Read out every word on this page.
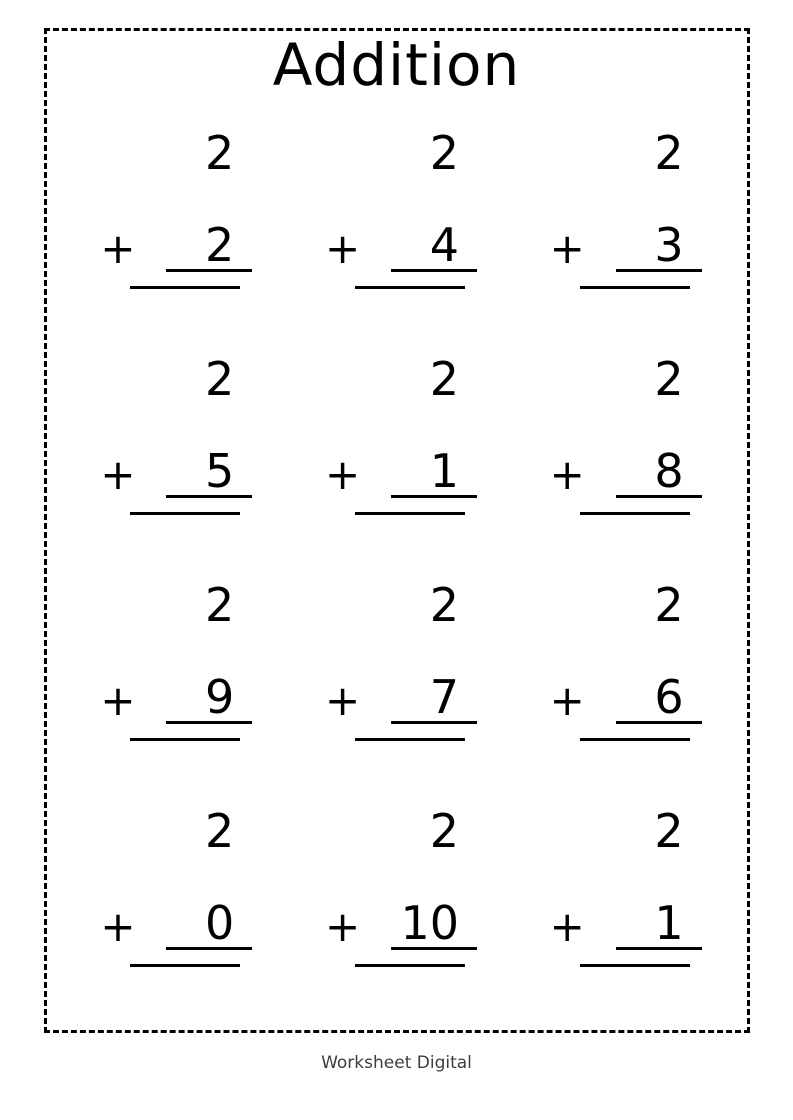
Addition
2
+	2
2
+	4
2
+	3
2
+	5
2
+	1
2
+	8
2
+	9
2
+	7
2
+	6
2
+	0
2
+ 10
2
+	1
Worksheet Digital
